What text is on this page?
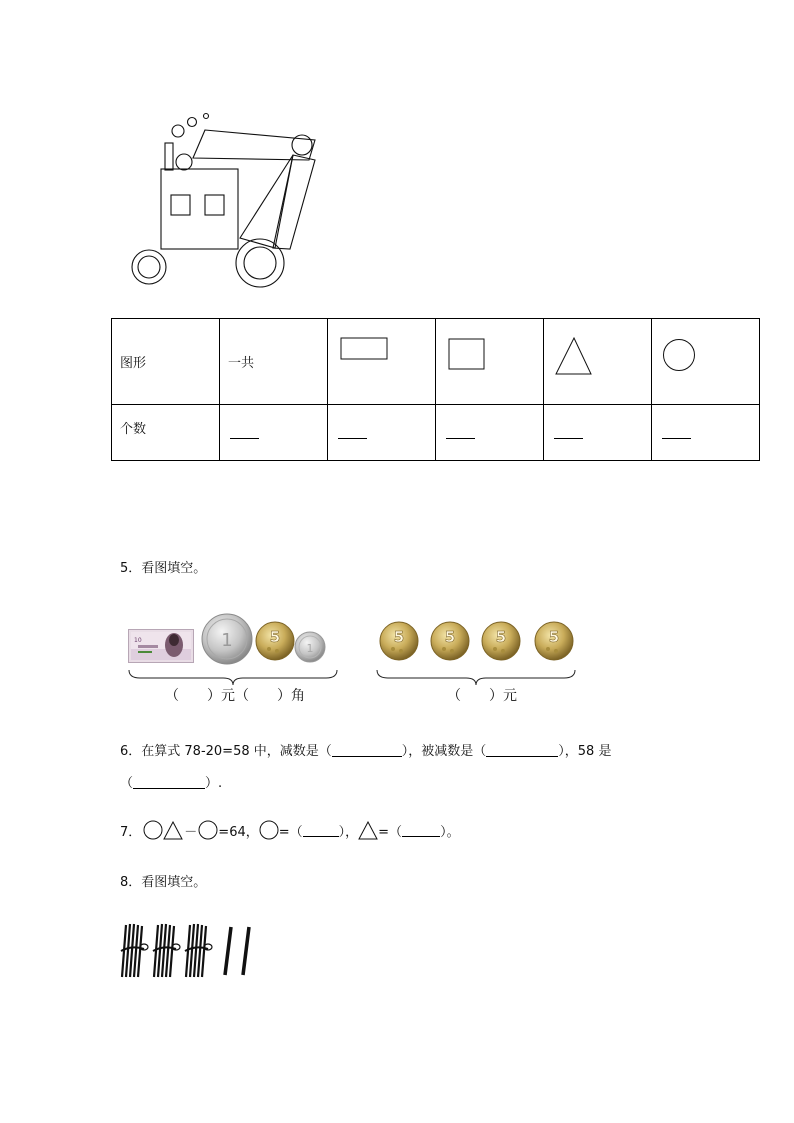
图形	一共	

个数					
5．看图填空。
10	1 5
1
5	5	5	5
（　　）元（　　）角	（　　）元
6．在算式 78-20=58 中，减数是（	），被减数是（	），58 是
（	）.
7．	－ =64， =（	）， =（	）。
8．看图填空。
